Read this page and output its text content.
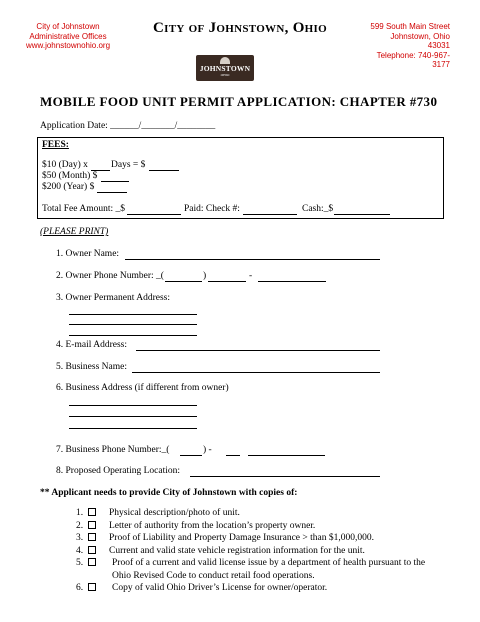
City of Johnstown
Administrative Offices
www.johnstownohio.org
City of Johnstown, Ohio	599 South Main Street
Johnstown, Ohio 43031
Telephone: 740-967-3177
JOHNSTOWN
OHIO
MOBILE FOOD UNIT PERMIT APPLICATION: CHAPTER #730
Application Date: ______/_______/________
FEES:
$10 (Day) x Days = $
$50 (Month) $
$200 (Year) $
Total Fee Amount: _$	Paid: Check #:	Cash:_$
(PLEASE PRINT)
1. Owner Name:
2. Owner Phone Number: _(	)	-
3. Owner Permanent Address:
4. E-mail Address:
5. Business Name:
6. Business Address (if different from owner)
7. Business Phone Number:_(	) -
8. Proposed Operating Location:
** Applicant needs to provide City of Johnstown with copies of:
1.	Physical description/photo of unit.
2.	Letter of authority from the location’s property owner.
3.	Proof of Liability and Property Damage Insurance > than $1,000,000.
4.	Current and valid state vehicle registration information for the unit.
5.	Proof of a current and valid license issue by a department of health pursuant to the
Ohio Revised Code to conduct retail food operations.
6.	Copy of valid Ohio Driver’s License for owner/operator.
